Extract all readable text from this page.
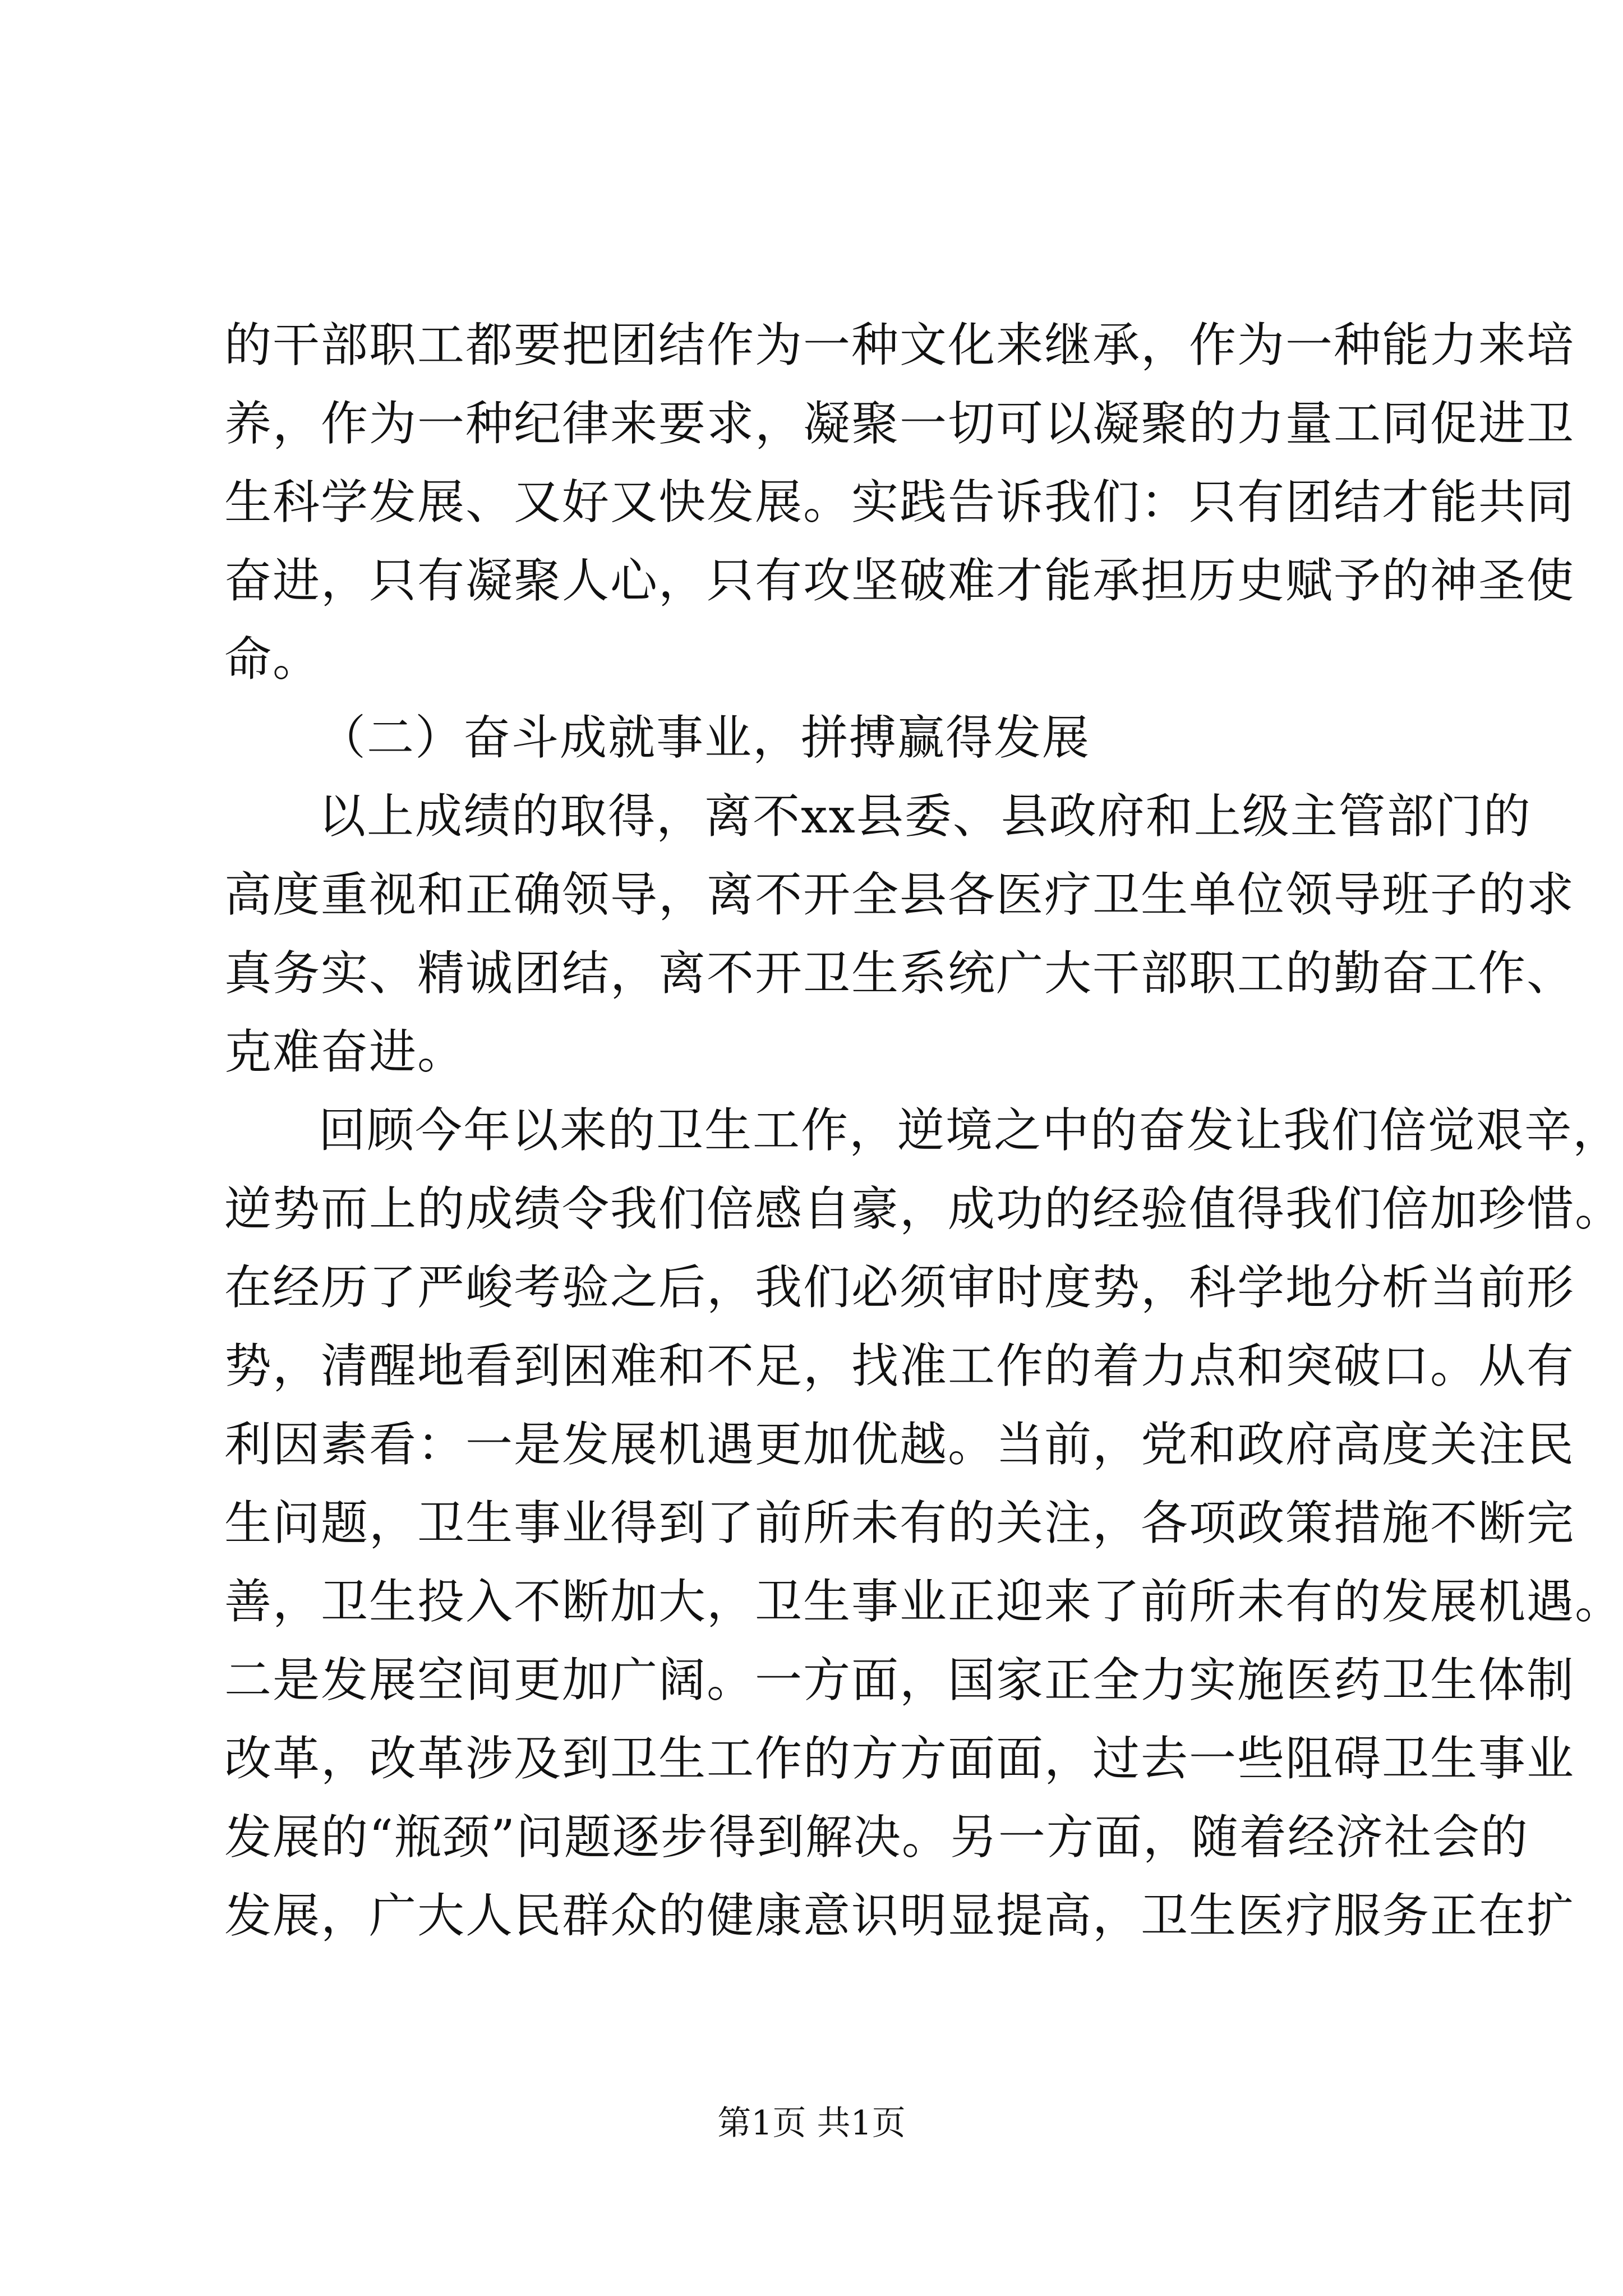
的干部职工都要把团结作为一种文化来继承，作为一种能力来培
养，作为一种纪律来要求，凝聚一切可以凝聚的力量工同促进卫
生科学发展、又好又快发展。实践告诉我们：只有团结才能共同
奋进，只有凝聚人心，只有攻坚破难才能承担历史赋予的神圣使
命。
（二）奋斗成就事业，拼搏赢得发展
以上成绩的取得，离不xx县委、县政府和上级主管部门的
高度重视和正确领导，离不开全县各医疗卫生单位领导班子的求
真务实、精诚团结，离不开卫生系统广大干部职工的勤奋工作、
克难奋进。
回顾今年以来的卫生工作，逆境之中的奋发让我们倍觉艰辛，
逆势而上的成绩令我们倍感自豪，成功的经验值得我们倍加珍惜。
在经历了严峻考验之后，我们必须审时度势，科学地分析当前形
势，清醒地看到困难和不足，找准工作的着力点和突破口。从有
利因素看：一是发展机遇更加优越。当前，党和政府高度关注民
生问题，卫生事业得到了前所未有的关注，各项政策措施不断完
善，卫生投入不断加大，卫生事业正迎来了前所未有的发展机遇。
二是发展空间更加广阔。一方面，国家正全力实施医药卫生体制
改革，改革涉及到卫生工作的方方面面，过去一些阻碍卫生事业
发展的“瓶颈”问题逐步得到解决。另一方面，随着经济社会的
发展，广大人民群众的健康意识明显提高，卫生医疗服务正在扩
第1页 共1页
